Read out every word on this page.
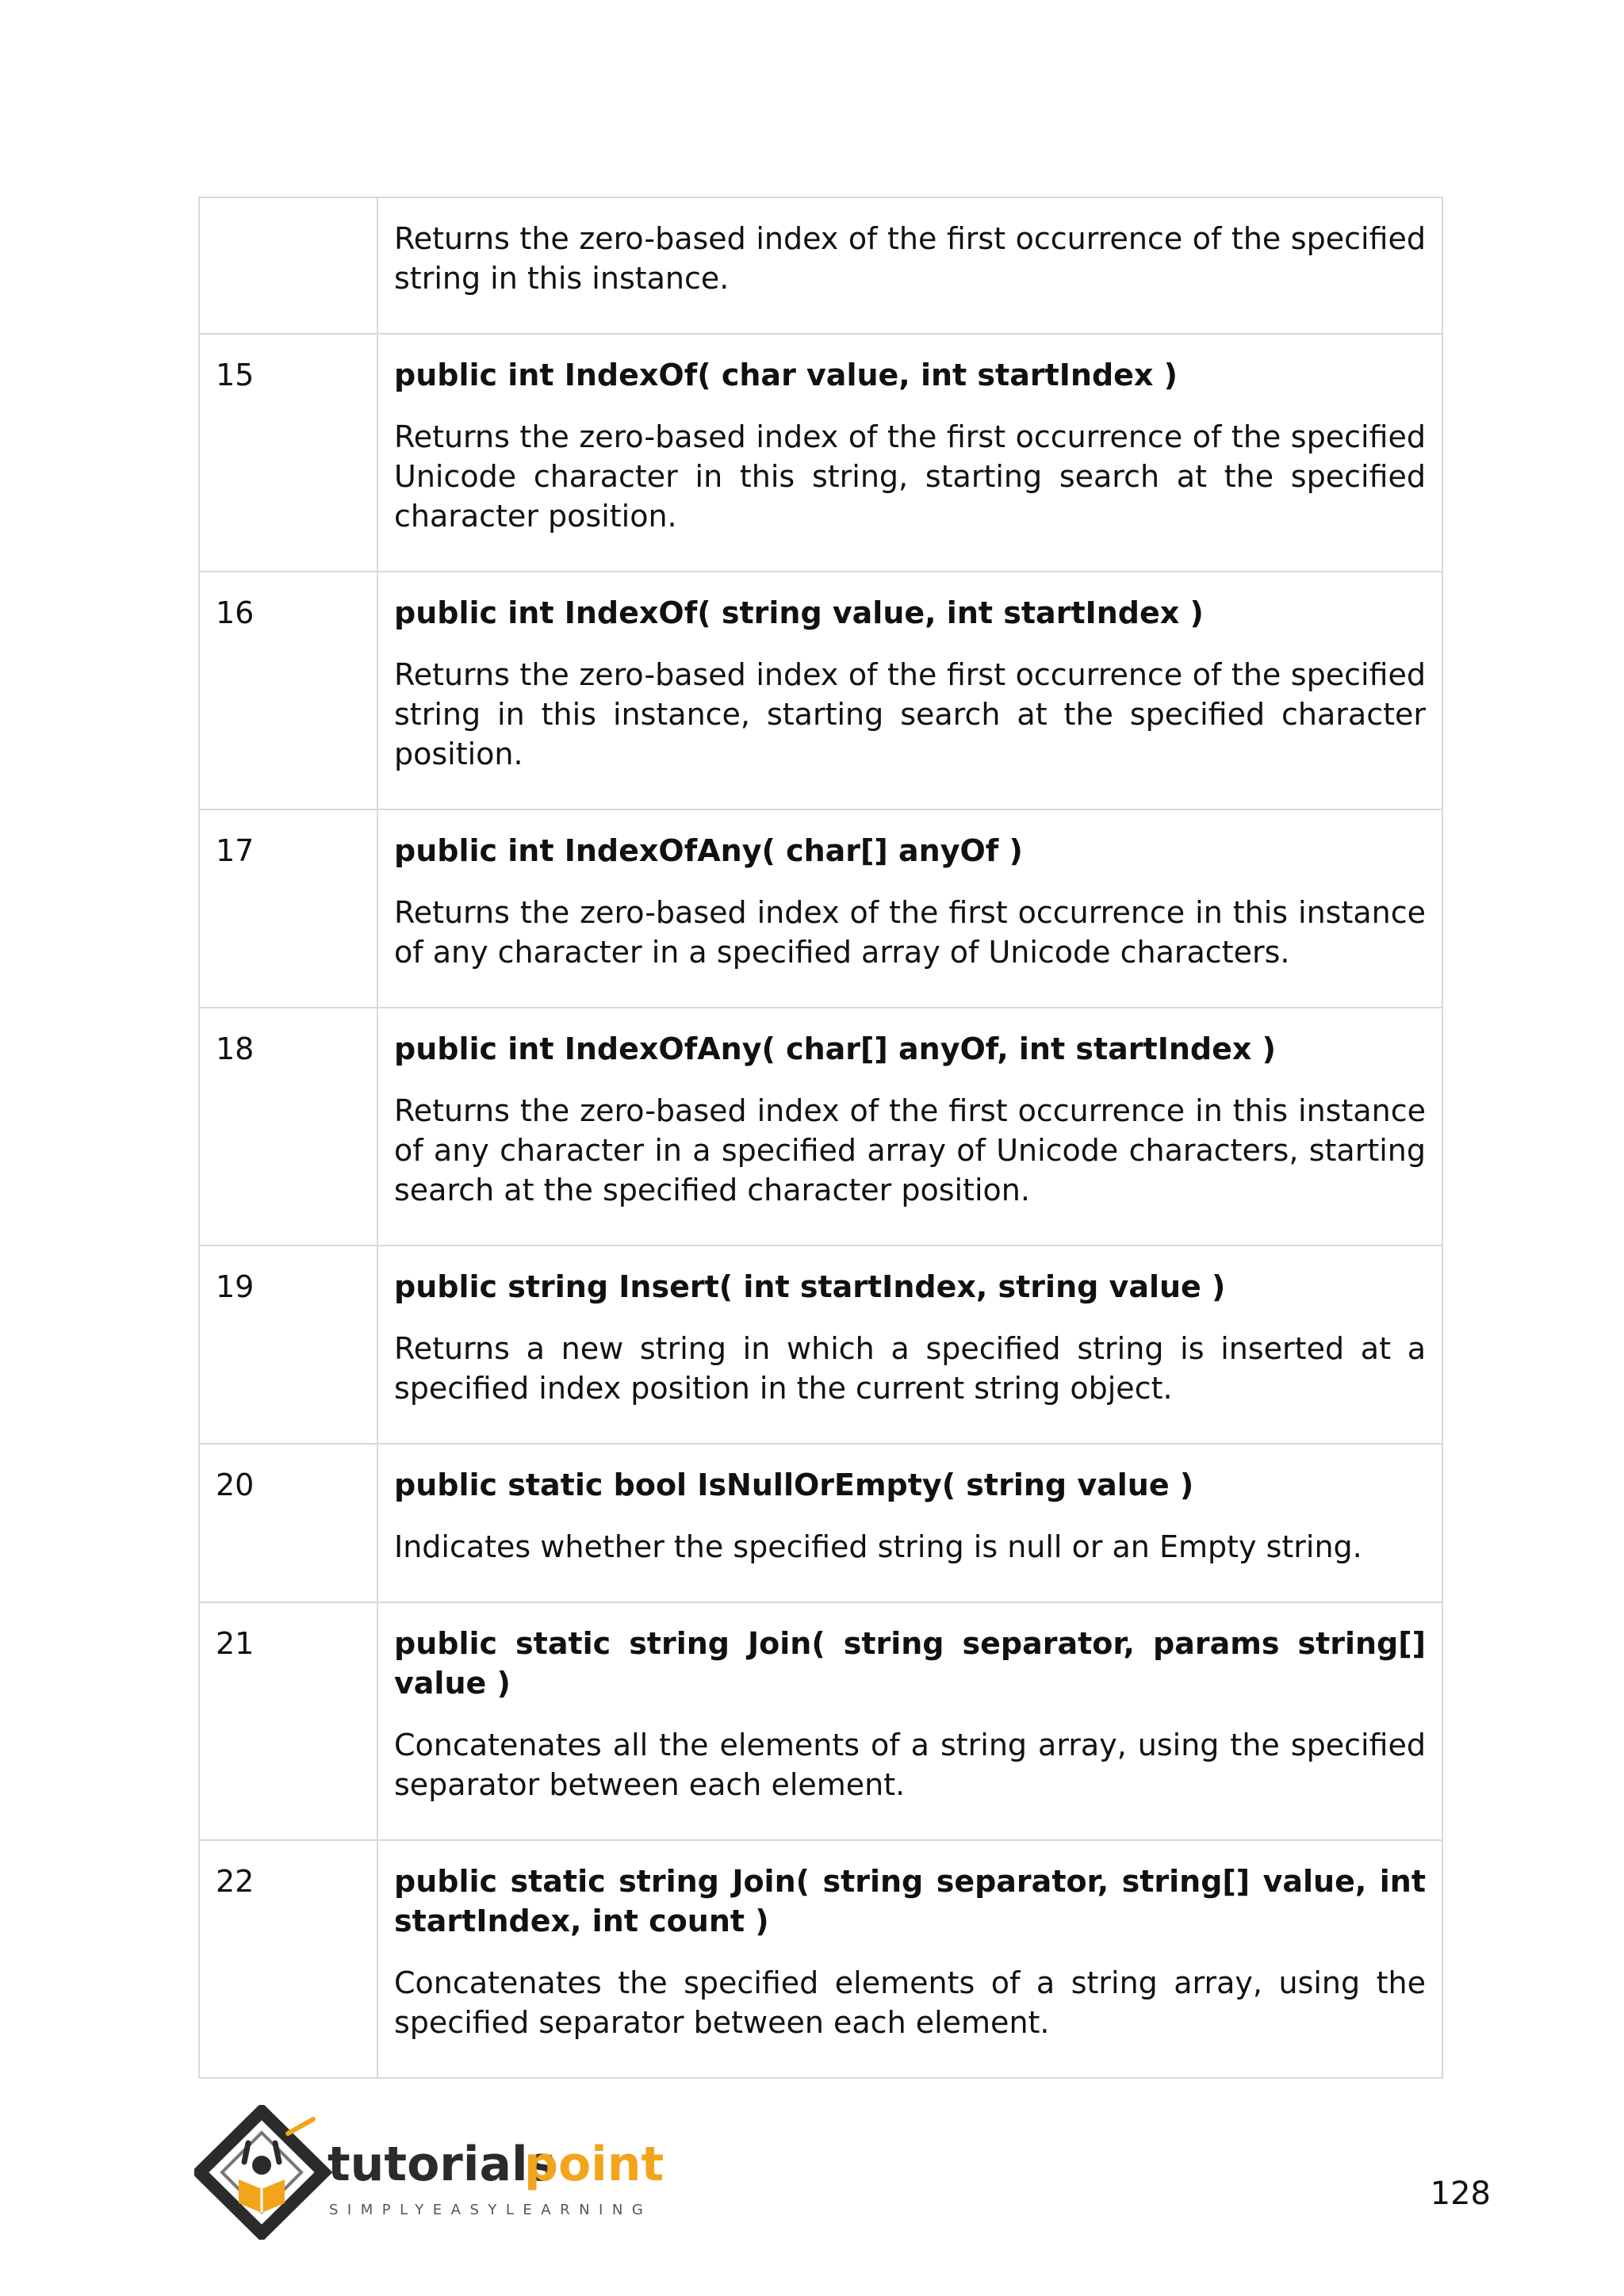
	Returns the zero-based index of the first occurrence of the specified string in this instance.

15	public int IndexOf( char value, int startIndex )

Returns the zero-based index of the first occurrence of the specified Unicode character in this string, starting search at the specified character position.

16	public int IndexOf( string value, int startIndex )

Returns the zero-based index of the first occurrence of the specified string in this instance, starting search at the specified character position.

17	public int IndexOfAny( char[] anyOf )

Returns the zero-based index of the first occurrence in this instance of any character in a specified array of Unicode characters.

18	public int IndexOfAny( char[] anyOf, int startIndex )

Returns the zero-based index of the first occurrence in this instance of any character in a specified array of Unicode characters, starting search at the specified character position.

19	public string Insert( int startIndex, string value )

Returns a new string in which a specified string is inserted at a specified index position in the current string object.

20	public static bool IsNullOrEmpty( string value )

Indicates whether the specified string is null or an Empty string.

21	public static string Join( string separator, params string[] value )

Concatenates all the elements of a string array, using the specified separator between each element.

22	public static string Join( string separator, string[] value, int startIndex, int count )

Concatenates the specified elements of a string array, using the specified separator between each element.

tutorials
point
SIMPLYEASYLEARNING	128
